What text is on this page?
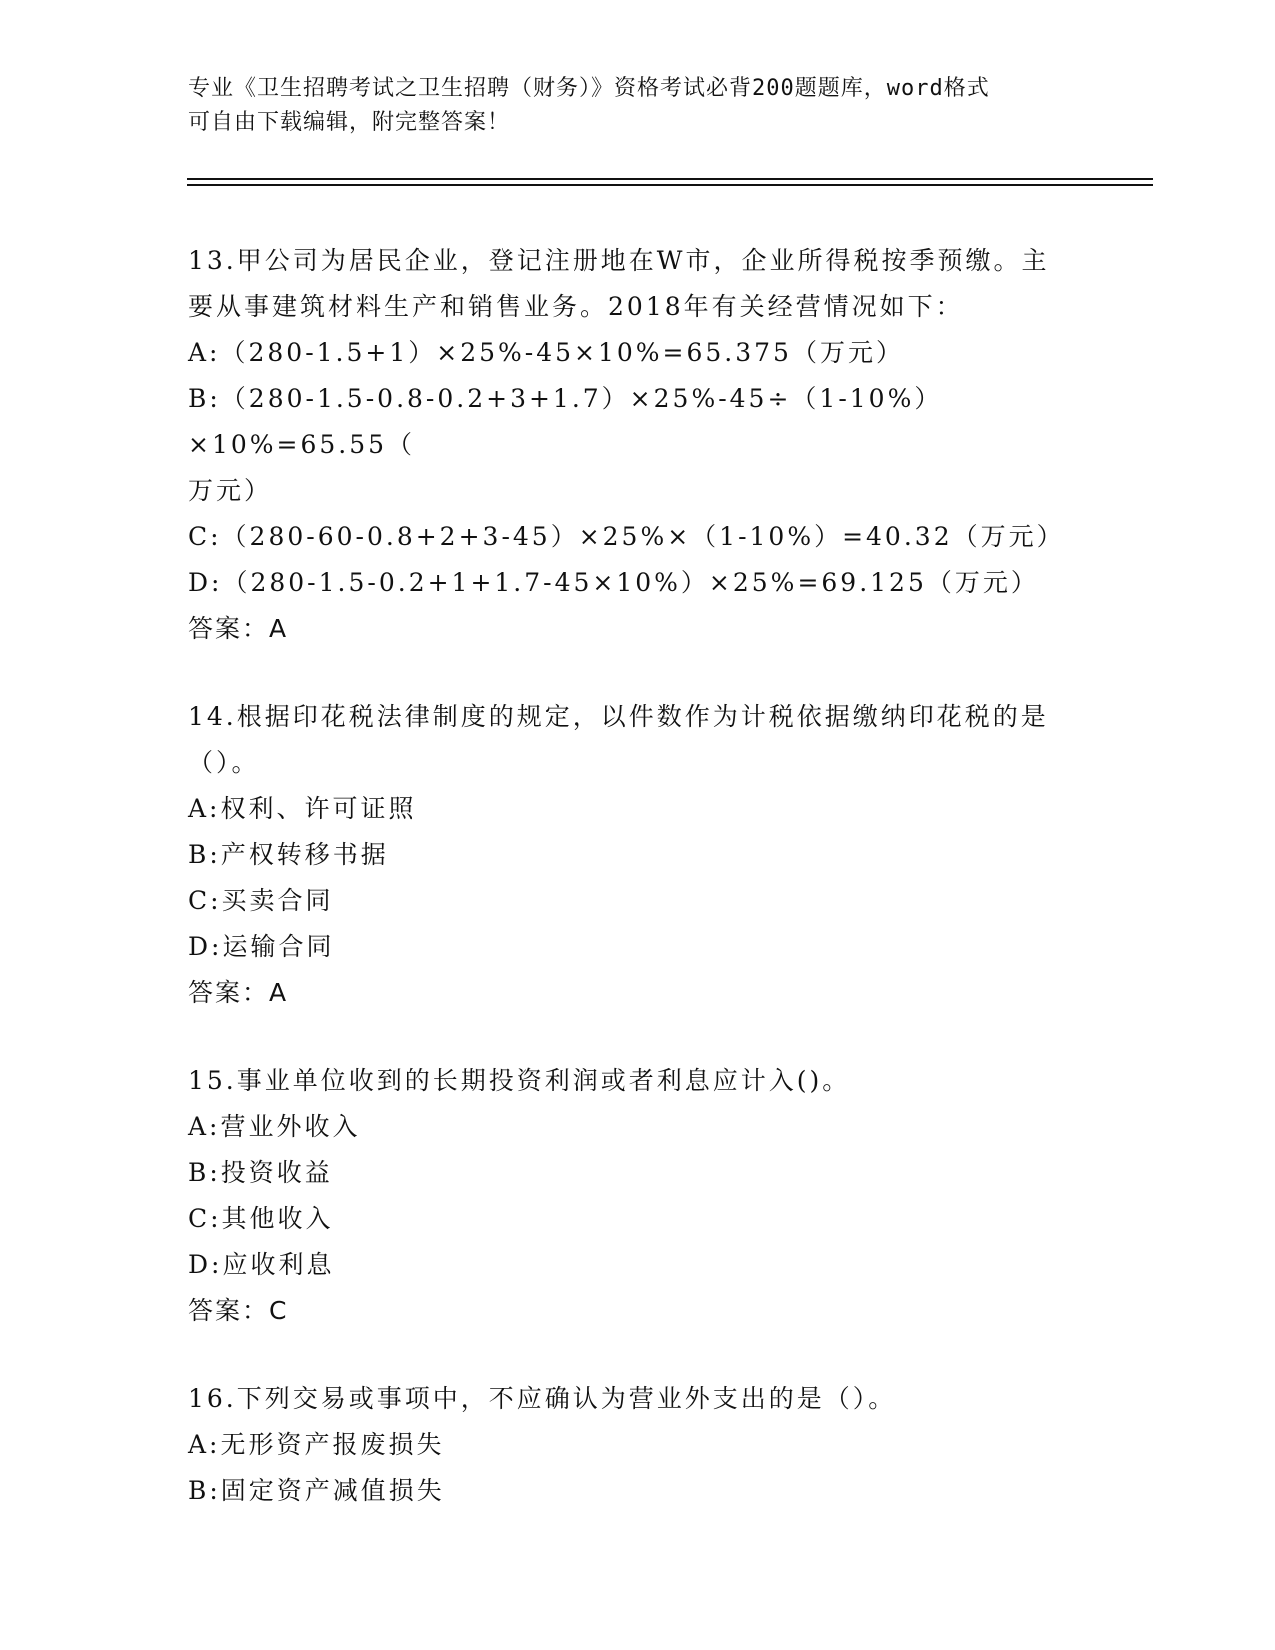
专业《卫生招聘考试之卫生招聘（财务）》资格考试必背200题题库，word格式
可自由下载编辑，附完整答案！
13.甲公司为居民企业，登记注册地在W市，企业所得税按季预缴。主
要从事建筑材料生产和销售业务。2018年有关经营情况如下：
A:（280-1.5+1）×25%-45×10%=65.375（万元）
B:（280-1.5-0.8-0.2+3+1.7）×25%-45÷（1-10%）×10%=65.55（
万元）
C:（280-60-0.8+2+3-45）×25%×（1-10%）=40.32（万元）
D:（280-1.5-0.2+1+1.7-45×10%）×25%=69.125（万元）
答案：A
14.根据印花税法律制度的规定，以件数作为计税依据缴纳印花税的是
（）。
A:权利、许可证照
B:产权转移书据
C:买卖合同
D:运输合同
答案：A
15.事业单位收到的长期投资利润或者利息应计入()。
A:营业外收入
B:投资收益
C:其他收入
D:应收利息
答案：C
16.下列交易或事项中，不应确认为营业外支出的是（）。
A:无形资产报废损失
B:固定资产减值损失
